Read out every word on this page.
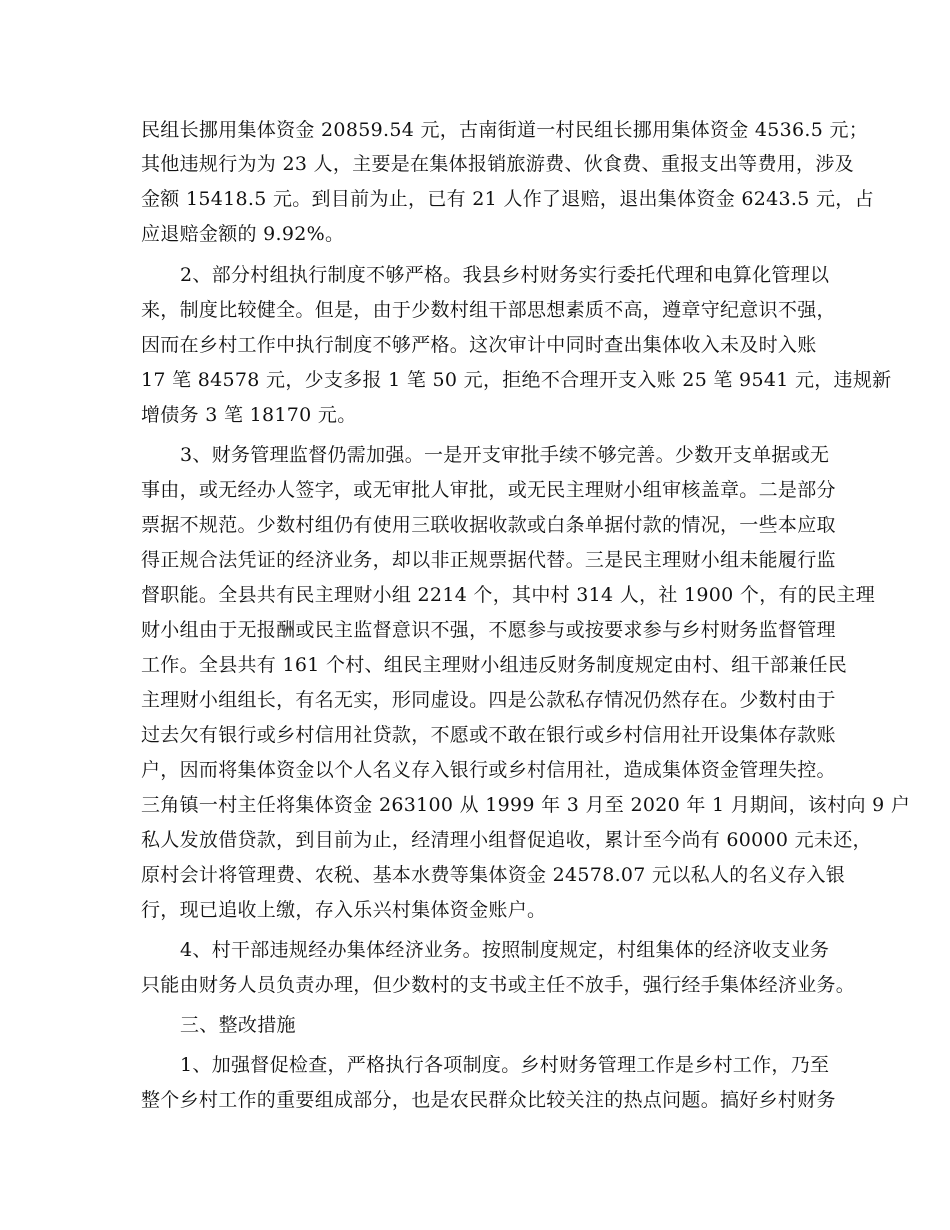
民组长挪用集体资金 20859.54 元，古南街道一村民组长挪用集体资金 4536.5 元；
其他违规行为为 23 人，主要是在集体报销旅游费、伙食费、重报支出等费用，涉及
金额 15418.5 元。到目前为止，已有 21 人作了退赔，退出集体资金 6243.5 元，占
应退赔金额的 9.92%。
2、部分村组执行制度不够严格。我县乡村财务实行委托代理和电算化管理以
来，制度比较健全。但是，由于少数村组干部思想素质不高，遵章守纪意识不强，
因而在乡村工作中执行制度不够严格。这次审计中同时查出集体收入未及时入账
17 笔 84578 元，少支多报 1 笔 50 元，拒绝不合理开支入账 25 笔 9541 元，违规新
增债务 3 笔 18170 元。
3、财务管理监督仍需加强。一是开支审批手续不够完善。少数开支单据或无
事由，或无经办人签字，或无审批人审批，或无民主理财小组审核盖章。二是部分
票据不规范。少数村组仍有使用三联收据收款或白条单据付款的情况，一些本应取
得正规合法凭证的经济业务，却以非正规票据代替。三是民主理财小组未能履行监
督职能。全县共有民主理财小组 2214 个，其中村 314 人，社 1900 个，有的民主理
财小组由于无报酬或民主监督意识不强，不愿参与或按要求参与乡村财务监督管理
工作。全县共有 161 个村、组民主理财小组违反财务制度规定由村、组干部兼任民
主理财小组组长，有名无实，形同虚设。四是公款私存情况仍然存在。少数村由于
过去欠有银行或乡村信用社贷款，不愿或不敢在银行或乡村信用社开设集体存款账
户，因而将集体资金以个人名义存入银行或乡村信用社，造成集体资金管理失控。
三角镇一村主任将集体资金 263100 从 1999 年 3 月至 2020 年 1 月期间，该村向 9 户
私人发放借贷款，到目前为止，经清理小组督促追收，累计至今尚有 60000 元未还，
原村会计将管理费、农税、基本水费等集体资金 24578.07 元以私人的名义存入银
行，现已追收上缴，存入乐兴村集体资金账户。
4、村干部违规经办集体经济业务。按照制度规定，村组集体的经济收支业务
只能由财务人员负责办理，但少数村的支书或主任不放手，强行经手集体经济业务。
三、整改措施
1、加强督促检查，严格执行各项制度。乡村财务管理工作是乡村工作，乃至
整个乡村工作的重要组成部分，也是农民群众比较关注的热点问题。搞好乡村财务
